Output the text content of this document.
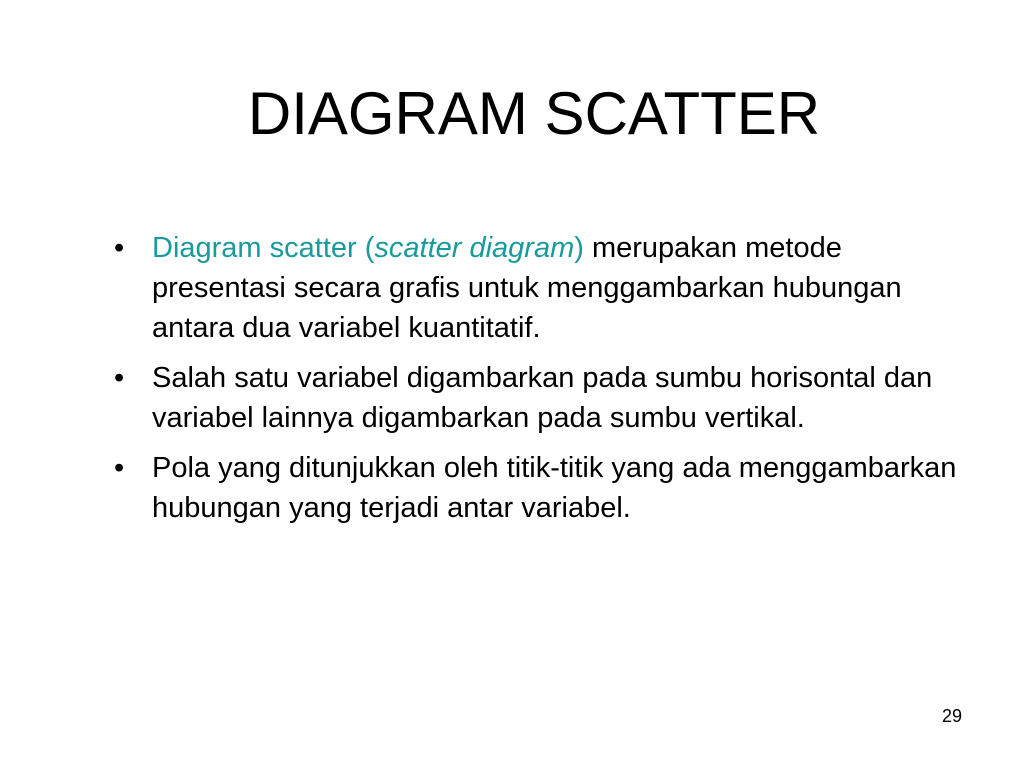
DIAGRAM SCATTER
• Diagram scatter (scatter diagram) merupakan metode presentasi secara grafis untuk menggambarkan hubungan antara dua variabel kuantitatif.
• Salah satu variabel digambarkan pada sumbu horisontal dan variabel lainnya digambarkan pada sumbu vertikal.
• Pola yang ditunjukkan oleh titik-titik yang ada menggambarkan hubungan yang terjadi antar variabel.
29
